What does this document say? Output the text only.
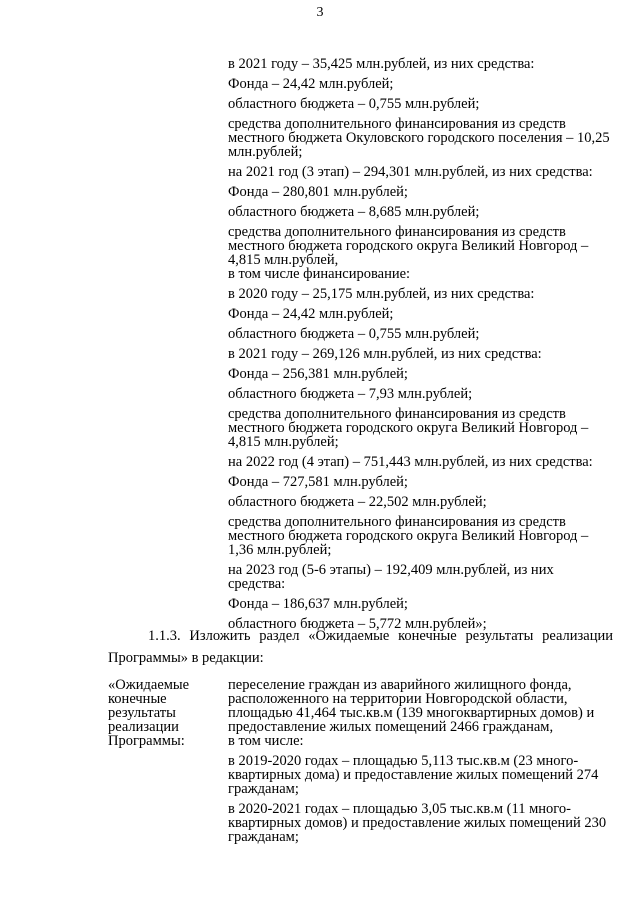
3

в 2021 году – 35,425 млн.рублей, из них средства:

Фонда – 24,42 млн.рублей;

областного бюджета – 0,755 млн.рублей;

средства дополнительного финансирования из средств местного бюджета Окуловского городского поселения – 10,25 млн.рублей;

на 2021 год (3 этап) – 294,301 млн.рублей, из них средства:

Фонда – 280,801 млн.рублей;

областного бюджета – 8,685 млн.рублей;

средства дополнительного финансирования из средств местного бюджета городского округа Великий Новгород – 4,815 млн.рублей,

в том числе финансирование:

в 2020 году – 25,175 млн.рублей, из них средства:

Фонда – 24,42 млн.рублей;

областного бюджета – 0,755 млн.рублей;

в 2021 году – 269,126 млн.рублей, из них средства:

Фонда – 256,381 млн.рублей;

областного бюджета – 7,93 млн.рублей;

средства дополнительного финансирования из средств местного бюджета городского округа Великий Новгород – 4,815 млн.рублей;

на 2022 год (4 этап) – 751,443 млн.рублей, из них средства:

Фонда – 727,581 млн.рублей;

областного бюджета – 22,502 млн.рублей;

средства дополнительного финансирования из средств местного бюджета городского округа Великий Новгород – 1,36 млн.рублей;

на 2023 год (5-6 этапы) – 192,409 млн.рублей, из них средства:

Фонда – 186,637 млн.рублей;

областного бюджета – 5,772 млн.рублей»;

1.1.3. Изложить раздел «Ожидаемые конечные результаты реализации Программы» в редакции:

«Ожидаемые конечные результаты реализации Программы:

переселение граждан из аварийного жилищного фонда, расположенного на территории Новгородской области, площадью 41,464 тыс.кв.м (139 многоквартирных домов) и предоставление жилых помещений 2466 гражданам,

в том числе:

в 2019-2020 годах – площадью 5,113 тыс.кв.м (23 много-квартирных дома) и предоставление жилых помещений 274 гражданам;

в 2020-2021 годах – площадью 3,05 тыс.кв.м (11 много-квартирных домов) и предоставление жилых помещений 230 гражданам;
